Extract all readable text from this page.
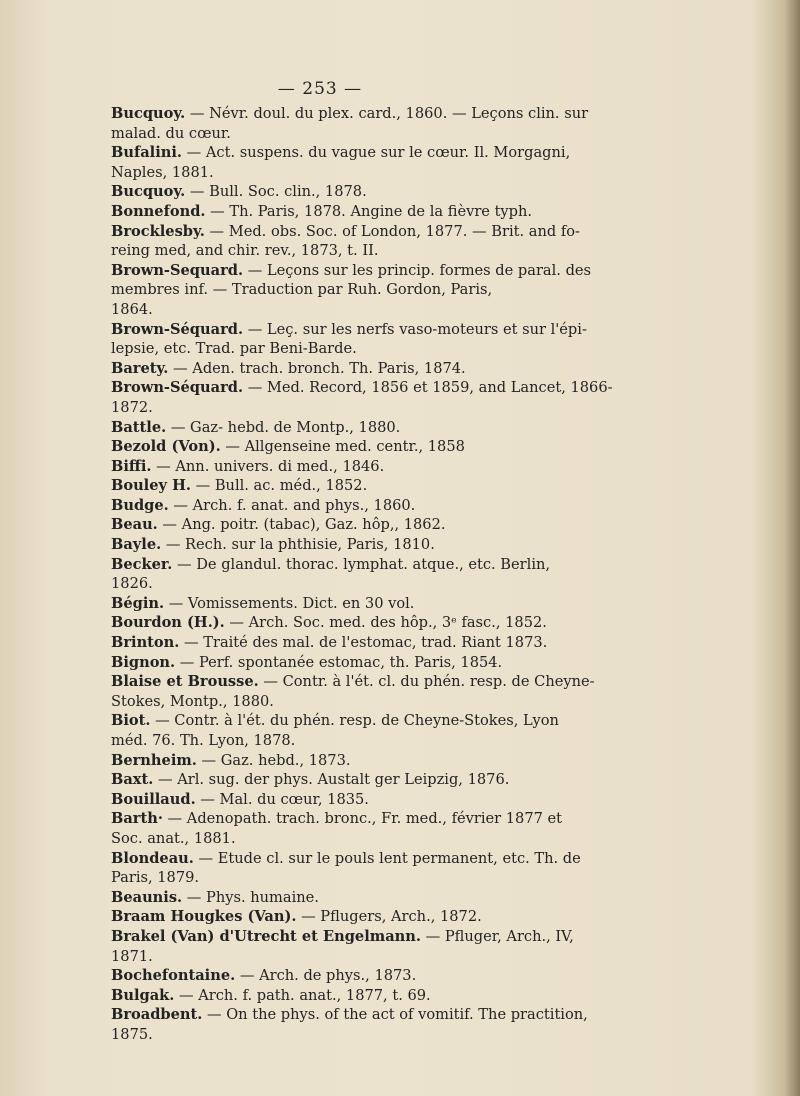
— 253 —
Bucquoy. — Névr. doul. du plex. card., 1860. — Leçons clin. sur
malad. du cœur.
Bufalini. — Act. suspens. du vague sur le cœur. Il. Morgagni,
Naples, 1881.
Bucquoy. — Bull. Soc. clin., 1878.
Bonnefond. — Th. Paris, 1878. Angine de la fièvre typh.
Brocklesby. — Med. obs. Soc. of London, 1877. — Brit. and fo-
reing med, and chir. rev., 1873, t. II.
Brown-Sequard. — Leçons sur les princip. formes de paral. des
membres inf. — Traduction par Ruh. Gordon, Paris,
1864.
Brown-Séquard. — Leç. sur les nerfs vaso-moteurs et sur l'épi-
lepsie, etc. Trad. par Beni-Barde.
Barety. — Aden. trach. bronch. Th. Paris, 1874.
Brown-Séquard. — Med. Record, 1856 et 1859, and Lancet, 1866-
1872.
Battle. — Gaz- hebd. de Montp., 1880.
Bezold (Von). — Allgenseine med. centr., 1858
Biffi. — Ann. univers. di med., 1846.
Bouley H. — Bull. ac. méd., 1852.
Budge. — Arch. f. anat. and phys., 1860.
Beau. — Ang. poitr. (tabac), Gaz. hôp,, 1862.
Bayle. — Rech. sur la phthisie, Paris, 1810.
Becker. — De glandul. thorac. lymphat. atque., etc. Berlin,
1826.
Bégin. — Vomissements. Dict. en 30 vol.
Bourdon (H.). — Arch. Soc. med. des hôp., 3ᵉ fasc., 1852.
Brinton. — Traité des mal. de l'estomac, trad. Riant 1873.
Bignon. — Perf. spontanée estomac, th. Paris, 1854.
Blaise et Brousse. — Contr. à l'ét. cl. du phén. resp. de Cheyne-
Stokes, Montp., 1880.
Biot. — Contr. à l'ét. du phén. resp. de Cheyne-Stokes, Lyon
méd. 76. Th. Lyon, 1878.
Bernheim. — Gaz. hebd., 1873.
Baxt. — Arl. sug. der phys. Austalt ger Leipzig, 1876.
Bouillaud. — Mal. du cœur, 1835.
Barth· — Adenopath. trach. bronc., Fr. med., février 1877 et
Soc. anat., 1881.
Blondeau. — Etude cl. sur le pouls lent permanent, etc. Th. de
Paris, 1879.
Beaunis. — Phys. humaine.
Braam Hougkes (Van). — Pflugers, Arch., 1872.
Brakel (Van) d'Utrecht et Engelmann. — Pfluger, Arch., IV,
1871.
Bochefontaine. — Arch. de phys., 1873.
Bulgak. — Arch. f. path. anat., 1877, t. 69.
Broadbent. — On the phys. of the act of vomitif. The practition,
1875.
